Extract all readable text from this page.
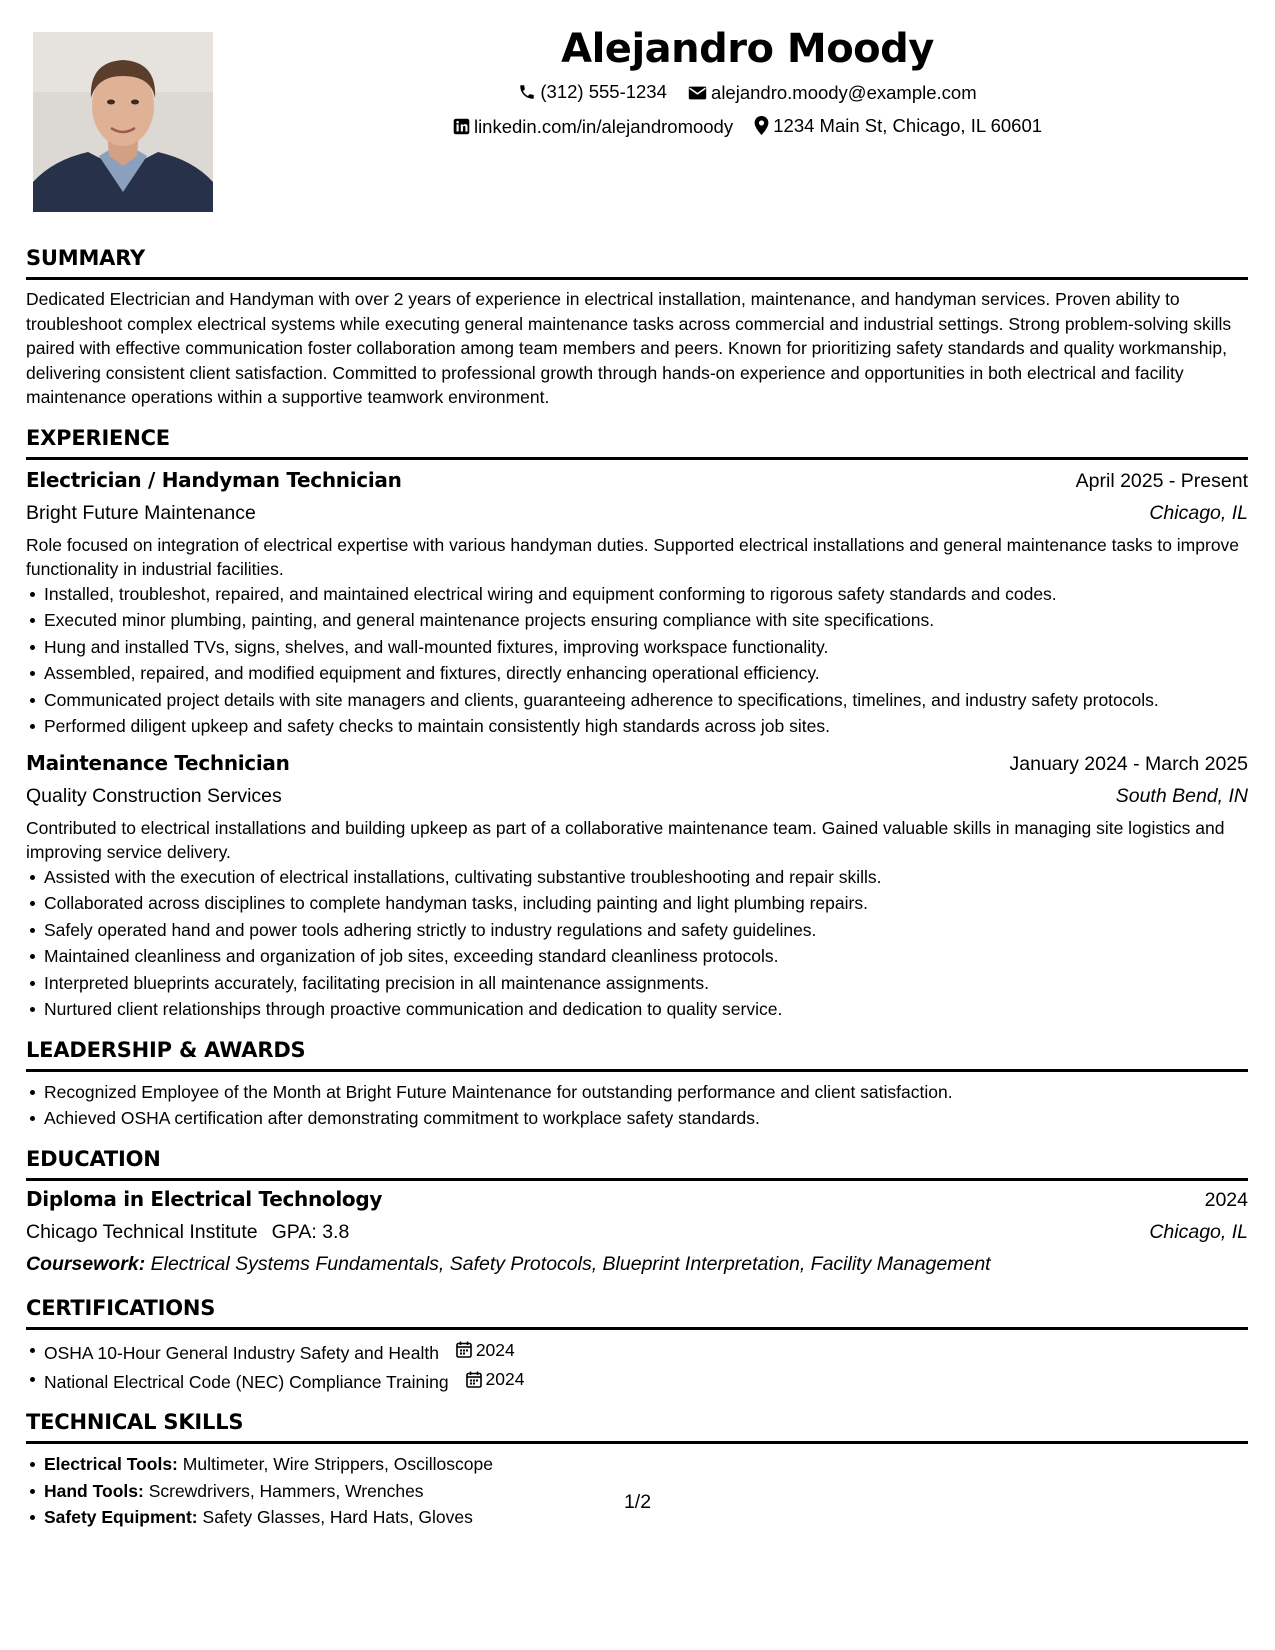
Alejandro Moody
(312) 555-1234
alejandro.moody@example.com
linkedin.com/in/alejandromoody
1234 Main St, Chicago, IL 60601
SUMMARY

Dedicated Electrician and Handyman with over 2 years of experience in electrical installation, maintenance, and handyman services. Proven ability to troubleshoot complex electrical systems while executing general maintenance tasks across commercial and industrial settings. Strong problem-solving skills paired with effective communication foster collaboration among team members and peers. Known for prioritizing safety standards and quality workmanship, delivering consistent client satisfaction. Committed to professional growth through hands-on experience and opportunities in both electrical and facility maintenance operations within a supportive teamwork environment.

EXPERIENCE
Electrician / Handyman Technician	April 2025 - Present
Bright Future Maintenance	Chicago, IL

Role focused on integration of electrical expertise with various handyman duties. Supported electrical installations and general maintenance tasks to improve functionality in industrial facilities.

Installed, troubleshot, repaired, and maintained electrical wiring and equipment conforming to rigorous safety standards and codes.
Executed minor plumbing, painting, and general maintenance projects ensuring compliance with site specifications.
Hung and installed TVs, signs, shelves, and wall-mounted fixtures, improving workspace functionality.
Assembled, repaired, and modified equipment and fixtures, directly enhancing operational efficiency.
Communicated project details with site managers and clients, guaranteeing adherence to specifications, timelines, and industry safety protocols.
Performed diligent upkeep and safety checks to maintain consistently high standards across job sites.
Maintenance Technician	January 2024 - March 2025
Quality Construction Services	South Bend, IN

Contributed to electrical installations and building upkeep as part of a collaborative maintenance team. Gained valuable skills in managing site logistics and improving service delivery.

Assisted with the execution of electrical installations, cultivating substantive troubleshooting and repair skills.
Collaborated across disciplines to complete handyman tasks, including painting and light plumbing repairs.
Safely operated hand and power tools adhering strictly to industry regulations and safety guidelines.
Maintained cleanliness and organization of job sites, exceeding standard cleanliness protocols.
Interpreted blueprints accurately, facilitating precision in all maintenance assignments.
Nurtured client relationships through proactive communication and dedication to quality service.
LEADERSHIP & AWARDS
Recognized Employee of the Month at Bright Future Maintenance for outstanding performance and client satisfaction.
Achieved OSHA certification after demonstrating commitment to workplace safety standards.
EDUCATION
Diploma in Electrical Technology	2024
Chicago Technical Institute GPA: 3.8	Chicago, IL
Coursework: Electrical Systems Fundamentals, Safety Protocols, Blueprint Interpretation, Facility Management
CERTIFICATIONS
OSHA 10-Hour General Industry Safety and Health 2024
National Electrical Code (NEC) Compliance Training 2024
TECHNICAL SKILLS
Electrical Tools: Multimeter, Wire Strippers, Oscilloscope
Hand Tools: Screwdrivers, Hammers, Wrenches
Safety Equipment: Safety Glasses, Hard Hats, Gloves
1/2
